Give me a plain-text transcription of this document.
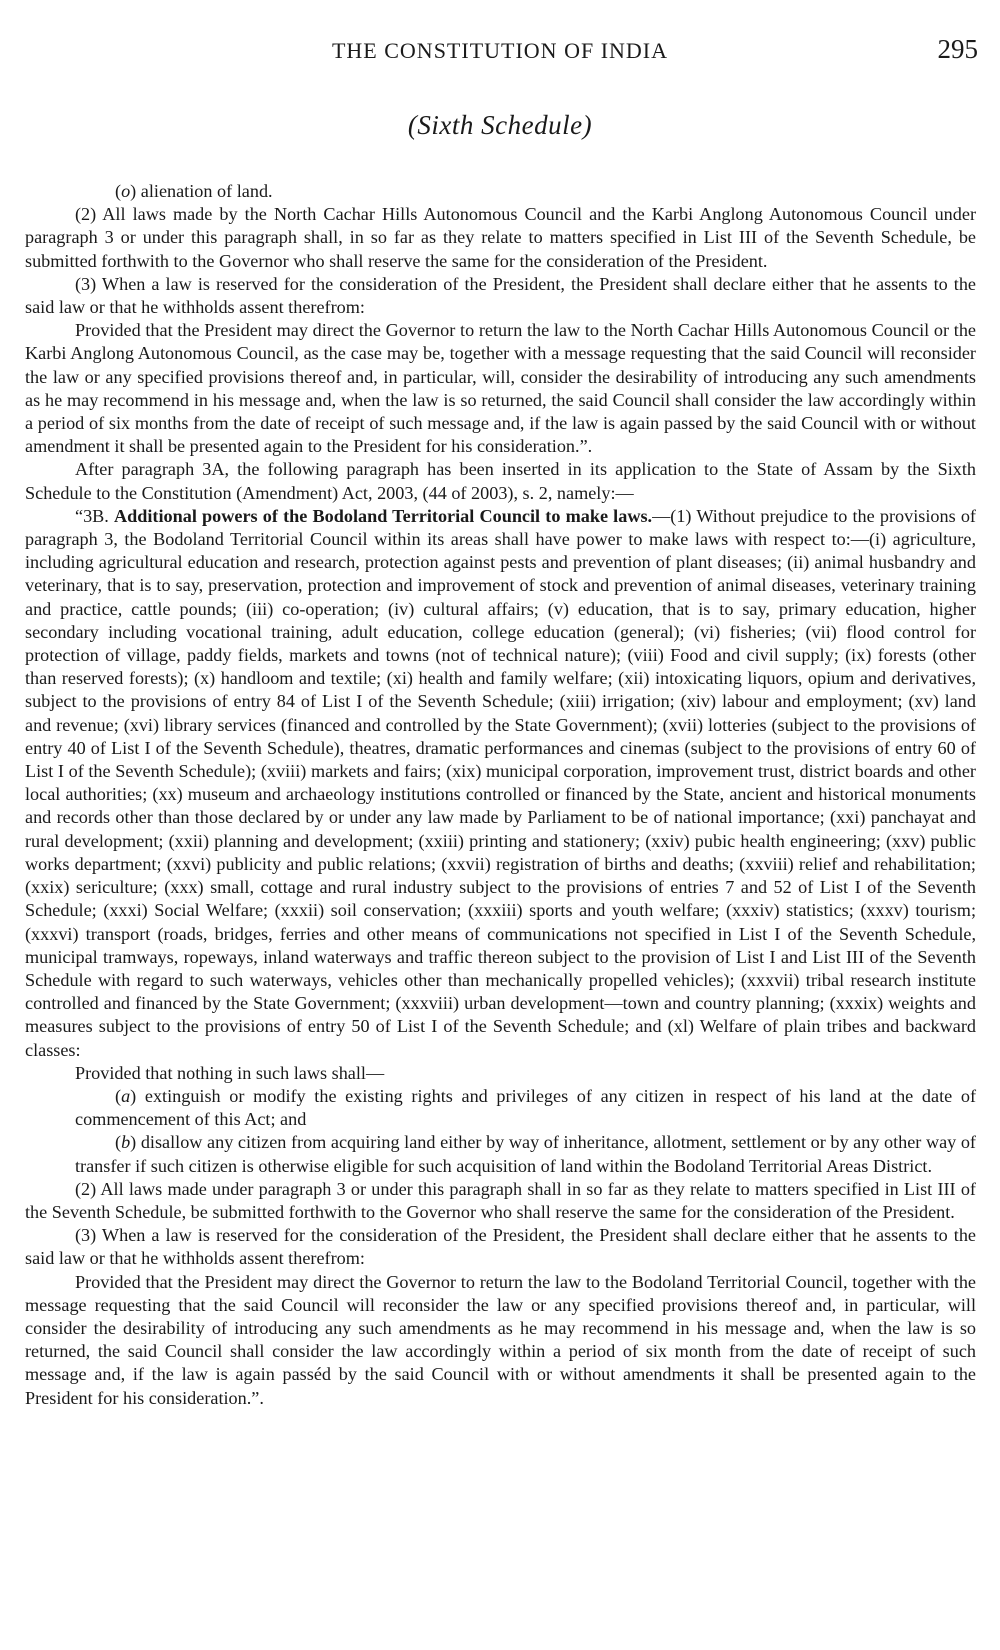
THE CONSTITUTION OF INDIA	295
(Sixth Schedule)

(o) alienation of land.

(2) All laws made by the North Cachar Hills Autonomous Council and the Karbi Anglong Autonomous Council under paragraph 3 or under this paragraph shall, in so far as they relate to matters specified in List III of the Seventh Schedule, be submitted forthwith to the Governor who shall reserve the same for the consideration of the President.

(3) When a law is reserved for the consideration of the President, the President shall declare either that he assents to the said law or that he withholds assent therefrom:

Provided that the President may direct the Governor to return the law to the North Cachar Hills Autonomous Council or the Karbi Anglong Autonomous Council, as the case may be, together with a message requesting that the said Council will reconsider the law or any specified provisions thereof and, in particular, will, consider the desirability of introducing any such amendments as he may recommend in his message and, when the law is so returned, the said Council shall consider the law accordingly within a period of six months from the date of receipt of such message and, if the law is again passed by the said Council with or without amendment it shall be presented again to the President for his consideration.”.

After paragraph 3A, the following paragraph has been inserted in its application to the State of Assam by the Sixth Schedule to the Constitution (Amendment) Act, 2003, (44 of 2003), s. 2, namely:—

“3B. Additional powers of the Bodoland Territorial Council to make laws.—(1) Without prejudice to the provisions of paragraph 3, the Bodoland Territorial Council within its areas shall have power to make laws with respect to:—(i) agriculture, including agricultural education and research, protection against pests and prevention of plant diseases; (ii) animal husbandry and veterinary, that is to say, preservation, protection and improvement of stock and prevention of animal diseases, veterinary training and practice, cattle pounds; (iii) co-operation; (iv) cultural affairs; (v) education, that is to say, primary education, higher secondary including vocational training, adult education, college education (general); (vi) fisheries; (vii) flood control for protection of village, paddy fields, markets and towns (not of technical nature); (viii) Food and civil supply; (ix) forests (other than reserved forests); (x) handloom and textile; (xi) health and family welfare; (xii) intoxicating liquors, opium and derivatives, subject to the provisions of entry 84 of List I of the Seventh Schedule; (xiii) irrigation; (xiv) labour and employment; (xv) land and revenue; (xvi) library services (financed and controlled by the State Government); (xvii) lotteries (subject to the provisions of entry 40 of List I of the Seventh Schedule), theatres, dramatic performances and cinemas (subject to the provisions of entry 60 of List I of the Seventh Schedule); (xviii) markets and fairs; (xix) municipal corporation, improvement trust, district boards and other local authorities; (xx) museum and archaeology institutions controlled or financed by the State, ancient and historical monuments and records other than those declared by or under any law made by Parliament to be of national importance; (xxi) panchayat and rural development; (xxii) planning and development; (xxiii) printing and stationery; (xxiv) pubic health engineering; (xxv) public works department; (xxvi) publicity and public relations; (xxvii) registration of births and deaths; (xxviii) relief and rehabilitation; (xxix) sericulture; (xxx) small, cottage and rural industry subject to the provisions of entries 7 and 52 of List I of the Seventh Schedule; (xxxi) Social Welfare; (xxxii) soil conservation; (xxxiii) sports and youth welfare; (xxxiv) statistics; (xxxv) tourism; (xxxvi) transport (roads, bridges, ferries and other means of communications not specified in List I of the Seventh Schedule, municipal tramways, ropeways, inland waterways and traffic thereon subject to the provision of List I and List III of the Seventh Schedule with regard to such waterways, vehicles other than mechanically propelled vehicles); (xxxvii) tribal research institute controlled and financed by the State Government; (xxxviii) urban development—town and country planning; (xxxix) weights and measures subject to the provisions of entry 50 of List I of the Seventh Schedule; and (xl) Welfare of plain tribes and backward classes:

Provided that nothing in such laws shall—

(a) extinguish or modify the existing rights and privileges of any citizen in respect of his land at the date of commencement of this Act; and

(b) disallow any citizen from acquiring land either by way of inheritance, allotment, settlement or by any other way of transfer if such citizen is otherwise eligible for such acquisition of land within the Bodoland Territorial Areas District.

(2) All laws made under paragraph 3 or under this paragraph shall in so far as they relate to matters specified in List III of the Seventh Schedule, be submitted forthwith to the Governor who shall reserve the same for the consideration of the President.

(3) When a law is reserved for the consideration of the President, the President shall declare either that he assents to the said law or that he withholds assent therefrom:

Provided that the President may direct the Governor to return the law to the Bodoland Territorial Council, together with the message requesting that the said Council will reconsider the law or any specified provisions thereof and, in particular, will consider the desirability of introducing any such amendments as he may recommend in his message and, when the law is so returned, the said Council shall consider the law accordingly within a period of six month from the date of receipt of such message and, if the law is again passéd by the said Council with or without amendments it shall be presented again to the President for his consideration.”.
